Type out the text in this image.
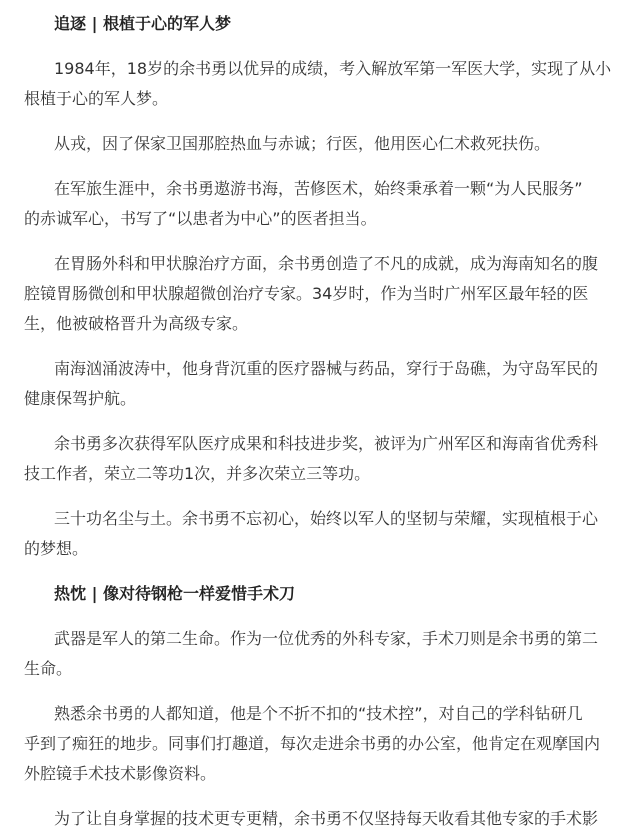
追逐 | 根植于心的军人梦
1984年，18岁的余书勇以优异的成绩，考入解放军第一军医大学，实现了从小
根植于心的军人梦。
从戎，因了保家卫国那腔热血与赤诚；行医，他用医心仁术救死扶伤。
在军旅生涯中，余书勇遨游书海，苦修医术，始终秉承着一颗“为人民服务”
的赤诚军心，书写了“以患者为中心”的医者担当。
在胃肠外科和甲状腺治疗方面，余书勇创造了不凡的成就，成为海南知名的腹
腔镜胃肠微创和甲状腺超微创治疗专家。34岁时，作为当时广州军区最年轻的医
生，他被破格晋升为高级专家。
南海汹涌波涛中，他身背沉重的医疗器械与药品，穿行于岛礁，为守岛军民的
健康保驾护航。
余书勇多次获得军队医疗成果和科技进步奖，被评为广州军区和海南省优秀科
技工作者，荣立二等功1次，并多次荣立三等功。
三十功名尘与土。余书勇不忘初心，始终以军人的坚韧与荣耀，实现植根于心
的梦想。
热忱 | 像对待钢枪一样爱惜手术刀
武器是军人的第二生命。作为一位优秀的外科专家，手术刀则是余书勇的第二
生命。
熟悉余书勇的人都知道，他是个不折不扣的“技术控”，对自己的学科钻研几
乎到了痴狂的地步。同事们打趣道，每次走进余书勇的办公室，他肯定在观摩国内
外腔镜手术技术影像资料。
为了让自身掌握的技术更专更精，余书勇不仅坚持每天收看其他专家的手术影
